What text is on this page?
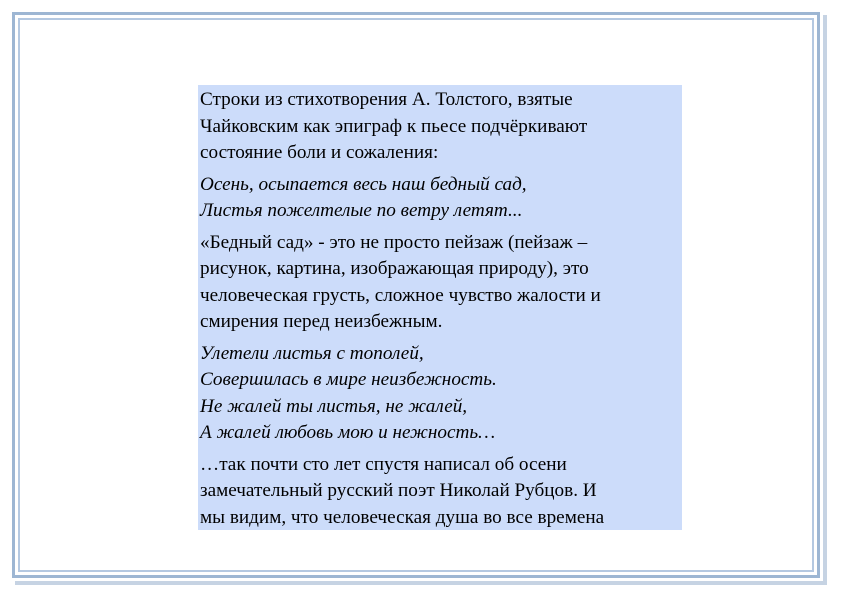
Строки из стихотворения А. Толстого, взятые
Чайковским как эпиграф к пьесе подчёркивают
состояние боли и сожаления:

Осень, осыпается весь наш бедный сад,
Листья пожелтелые по ветру летят...

«Бедный сад» - это не просто пейзаж (пейзаж –
рисунок, картина, изображающая природу), это
человеческая грусть, сложное чувство жалости и
смирения перед неизбежным.

Улетели листья с тополей,
Совершилась в мире неизбежность.
Не жалей ты листья, не жалей,
А жалей любовь мою и нежность…

…так почти сто лет спустя написал об осени
замечательный русский поэт Николай Рубцов. И
мы видим, что человеческая душа во все времена
